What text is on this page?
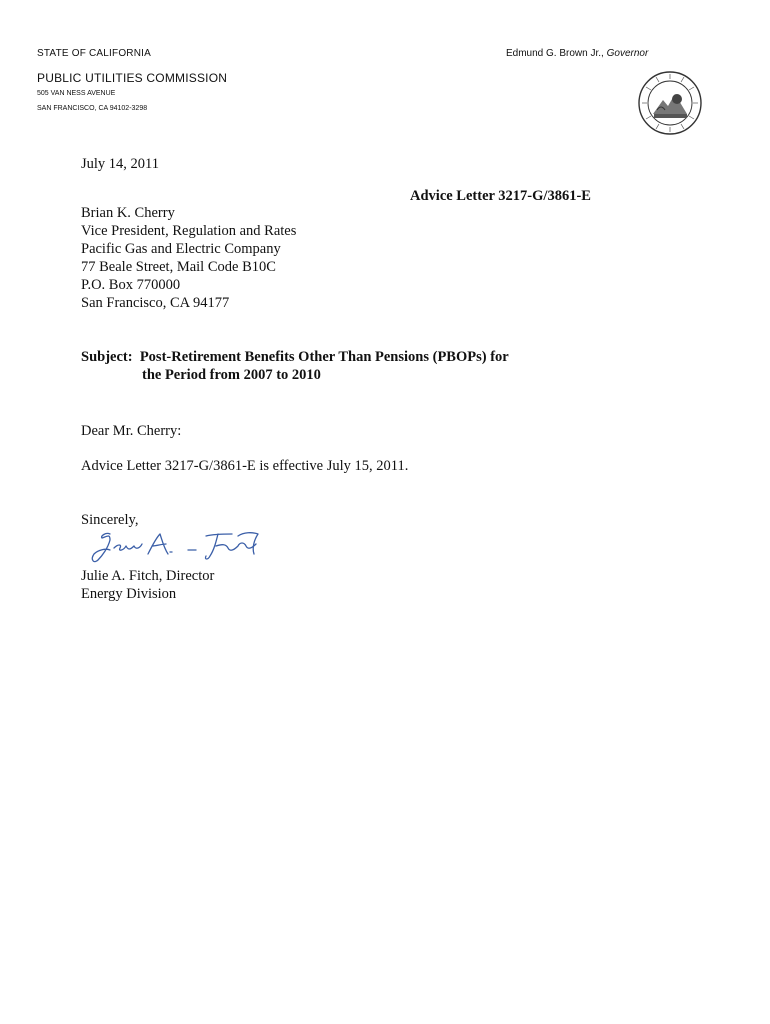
STATE OF CALIFORNIA	Edmund G. Brown Jr., Governor
PUBLIC UTILITIES COMMISSION
505 VAN NESS AVENUE
SAN FRANCISCO, CA 94102-3298
July 14, 2011
Advice Letter 3217-G/3861-E
Brian K. Cherry
Vice President, Regulation and Rates
Pacific Gas and Electric Company
77 Beale Street, Mail Code B10C
P.O. Box 770000
San Francisco, CA 94177
Subject: Post-Retirement Benefits Other Than Pensions (PBOPs) for
the Period from 2007 to 2010
Dear Mr. Cherry:
Advice Letter 3217-G/3861-E is effective July 15, 2011.
Sincerely,
Julie A. Fitch, Director
Energy Division
